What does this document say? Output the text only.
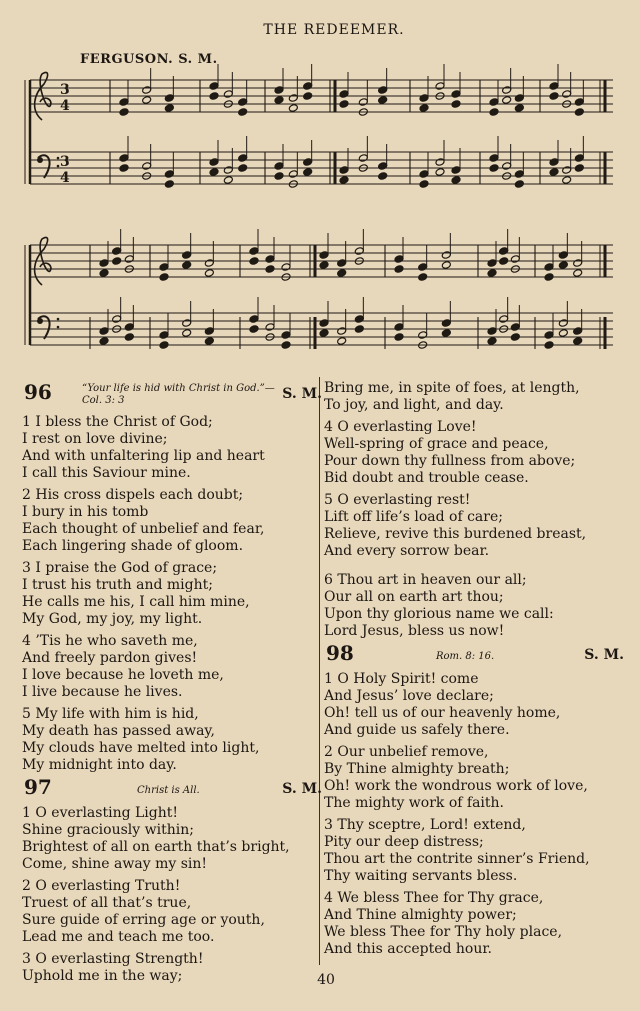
THE REDEEMER.
FERGUSON. S. M.
3
4
3
4
96	“Your life is hid with Christ in God.”— Col. 3: 3	S. M.
1 I bless the Christ of God;
I rest on love divine;
And with unfaltering lip and heart
I call this Saviour mine.
2 His cross dispels each doubt;
I bury in his tomb
Each thought of unbelief and fear,
Each lingering shade of gloom.
3 I praise the God of grace;
I trust his truth and might;
He calls me his, I call him mine,
My God, my joy, my light.
4 ’Tis he who saveth me,
And freely pardon gives!
I love because he loveth me,
I live because he lives.
5 My life with him is hid,
My death has passed away,
My clouds have melted into light,
My midnight into day.
97	Christ is All.	S. M.
1 O everlasting Light!
Shine graciously within;
Brightest of all on earth that’s bright,
Come, shine away my sin!
2 O everlasting Truth!
Truest of all that’s true,
Sure guide of erring age or youth,
Lead me and teach me too.
3 O everlasting Strength!
Uphold me in the way;
Bring me, in spite of foes, at length,
To joy, and light, and day.
4 O everlasting Love!
Well-spring of grace and peace,
Pour down thy fullness from above;
Bid doubt and trouble cease.
5 O everlasting rest!
Lift off life’s load of care;
Relieve, revive this burdened breast,
And every sorrow bear.
6 Thou art in heaven our all;
Our all on earth art thou;
Upon thy glorious name we call:
Lord Jesus, bless us now!
98	Rom. 8: 16.	S. M.
1 O Holy Spirit! come
And Jesus’ love declare;
Oh! tell us of our heavenly home,
And guide us safely there.
2 Our unbelief remove,
By Thine almighty breath;
Oh! work the wondrous work of love,
The mighty work of faith.
3 Thy sceptre, Lord! extend,
Pity our deep distress;
Thou art the contrite sinner’s Friend,
Thy waiting servants bless.
4 We bless Thee for Thy grace,
And Thine almighty power;
We bless Thee for Thy holy place,
And this accepted hour.
40
